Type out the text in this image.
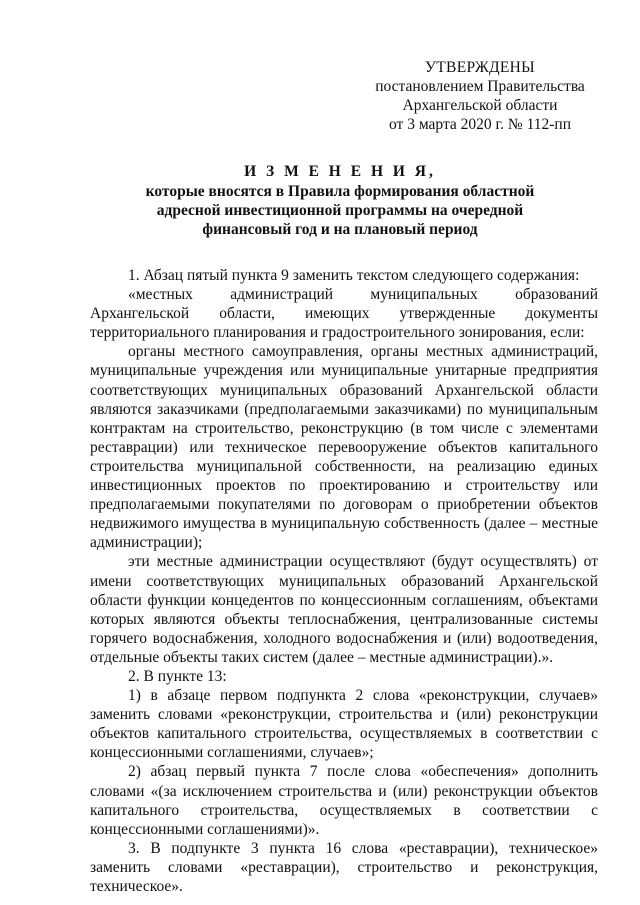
УТВЕРЖДЕНЫ
постановлением Правительства
Архангельской области
от 3 марта 2020 г. № 112-пп
И З М Е Н Е Н И Я,
которые вносятся в Правила формирования областной
адресной инвестиционной программы на очередной
финансовый год и на плановый период

1. Абзац пятый пункта 9 заменить текстом следующего содержания:

«местных администраций муниципальных образований Архангельской области, имеющих утвержденные документы территориального планирования и градостроительного зонирования, если:

органы местного самоуправления, органы местных администраций, муниципальные учреждения или муниципальные унитарные предприятия соответствующих муниципальных образований Архангельской области являются заказчиками (предполагаемыми заказчиками) по муниципальным контрактам на строительство, реконструкцию (в том числе с элементами реставрации) или техническое перевооружение объектов капитального строительства муниципальной собственности, на реализацию единых инвестиционных проектов по проектированию и строительству или предполагаемыми покупателями по договорам о приобретении объектов недвижимого имущества в муниципальную собственность (далее – местные администрации);

эти местные администрации осуществляют (будут осуществлять) от имени соответствующих муниципальных образований Архангельской области функции концедентов по концессионным соглашениям, объектами которых являются объекты теплоснабжения, централизованные системы горячего водоснабжения, холодного водоснабжения и (или) водоотведения, отдельные объекты таких систем (далее – местные администрации).».

2. В пункте 13:

1) в абзаце первом подпункта 2 слова «реконструкции, случаев» заменить словами «реконструкции, строительства и (или) реконструкции объектов капитального строительства, осуществляемых в соответствии с концессионными соглашениями, случаев»;

2) абзац первый пункта 7 после слова «обеспечения» дополнить словами «(за исключением строительства и (или) реконструкции объектов капитального строительства, осуществляемых в соответствии с концессионными соглашениями)».

3. В подпункте 3 пункта 16 слова «реставрации), техническое» заменить словами «реставрации), строительство и реконструкция, техническое».
